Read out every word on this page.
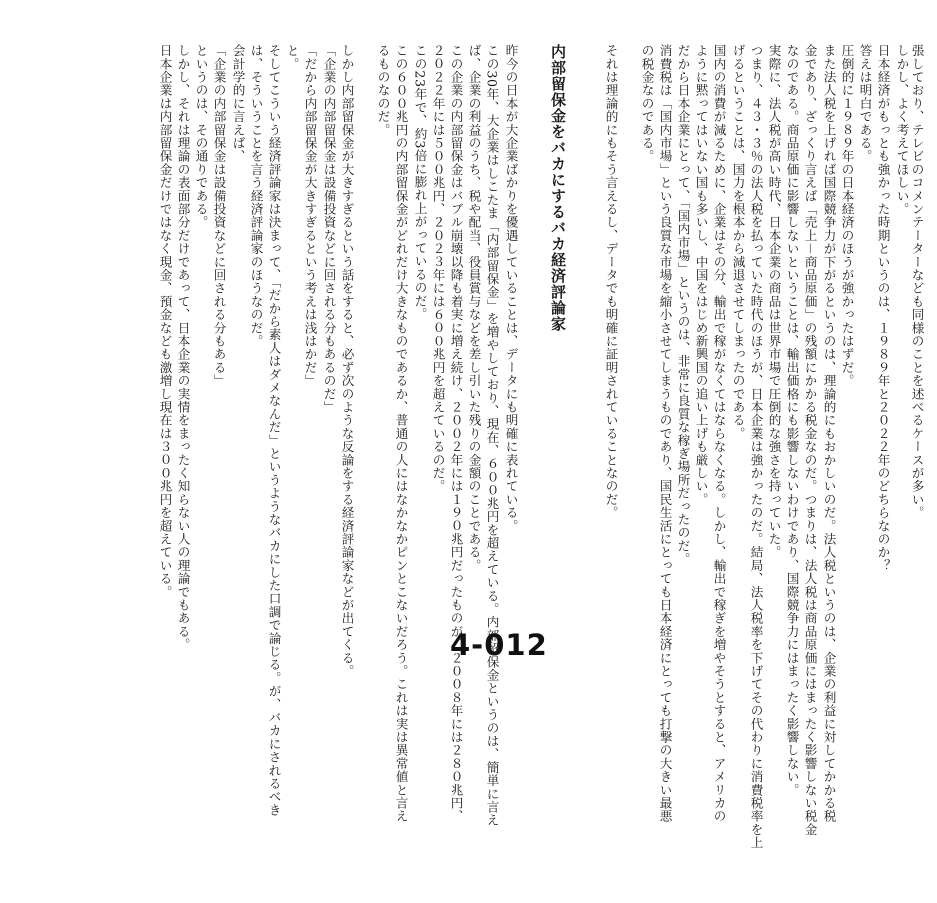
張しており、テレビのコメンテーターなども同様のことを述べるケースが多い。
しかし、よく考えてほしい。
日本経済がもっとも強かった時期というのは、１９８９年と２０２２年のどちらなのか？
答えは明白である。
圧倒的に１９８９年の日本経済のほうが強かったはずだ。
また法人税を上げれば国際競争力が下がるというのは、理論的にもおかしいのだ。法人税というのは、企業の利益に対してかかる税
金であり、ざっくり言えば「売上－商品原価」の残額にかかる税金なのだ。つまりは、法人税は商品原価にはまったく影響しない税金
なのである。商品原価に影響しないということは、輸出価格にも影響しないわけであり、国際競争力にはまったく影響しない。
実際に、法人税が高い時代、日本企業の商品は世界市場で圧倒的な強さを持っていた。
つまり、４３・３％の法人税を払っていた時代のほうが、日本企業は強かったのだ。結局、法人税率を下げてその代わりに消費税率を上
げるということは、国力を根本から減退させてしまったのである。
国内の消費が減るために、企業はその分、輸出で稼がなくてはならなくなる。しかし、輸出で稼ぎを増やそうとすると、アメリカの
ように黙ってはいない国も多いし、中国をはじめ新興国の追い上げも厳しい。
だから日本企業にとって、「国内市場」というのは、非常に良質な稼ぎ場所だったのだ。
消費税は「国内市場」という良質な市場を縮小させてしまうものであり、国民生活にとっても日本経済にとっても打撃の大きい最悪
の税金なのである。
それは理論的にもそう言えるし、データでも明確に証明されていることなのだ。
内部留保金をバカにするバカ経済評論家
昨今の日本が大企業ばかりを優遇していることは、データにも明確に表れている。
この30年、大企業はしこたま「内部留保金」を増やしており、現在、６００兆円を超えている。内部留保金というのは、簡単に言え
ば、企業の利益のうち、税や配当、役員賞与などを差し引いた残りの金額のことである。
この企業の内部留保金はバブル崩壊以降も着実に増え続け、２００２年には１９０兆円だったものが、２００８年には２８０兆円、
２０２２年には５００兆円、２０２３年には６００兆円を超えているのだ。
この23年で、約3倍に膨れ上がっているのだ。
この６００兆円の内部留保金がどれだけ大きなものであるか、普通の人にはなかなかピンとこないだろう。これは実は異常値と言え
るものなのだ。
しかし内部留保金が大きすぎるという話をすると、必ず次のような反論をする経済評論家などが出てくる。
「企業の内部留保金は設備投資などに回される分もあるのだ」
「だから内部留保金が大きすぎるという考えは浅はかだ」
と。
そしてこういう経済評論家は決まって、「だから素人はダメなんだ」というようなバカにした口調で論じる。が、バカにされるべき
は、そういうことを言う経済評論家のほうなのだ。
会計学的に言えば、
「企業の内部留保金は設備投資などに回される分もある」
というのは、その通りである。
しかし、それは理論の表面部分だけであって、日本企業の実情をまったく知らない人の理論でもある。
日本企業は内部留保金だけではなく現金、預金なども激増し現在は３００兆円を超えている。
4-012
